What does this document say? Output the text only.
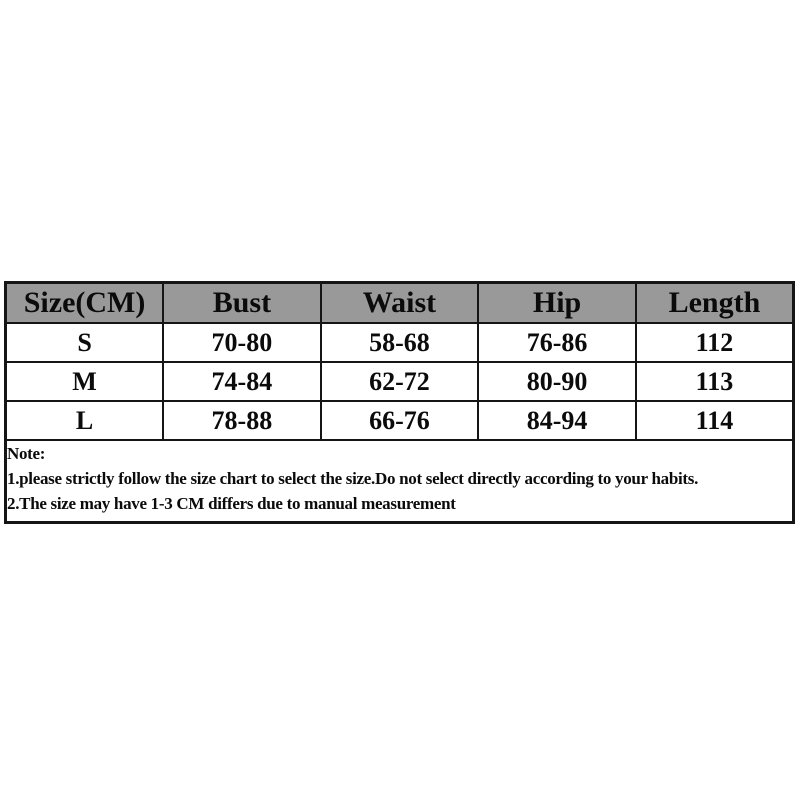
Size(CM)	Bust	Waist	Hip	Length
S	70-80	58-68	76-86	112
M	74-84	62-72	80-90	113
L	78-88	66-76	84-94	114

Note:
1.please strictly follow the size chart to select the size.Do not select directly according to your habits.
2.The size may have 1-3 CM differs due to manual measurement				
